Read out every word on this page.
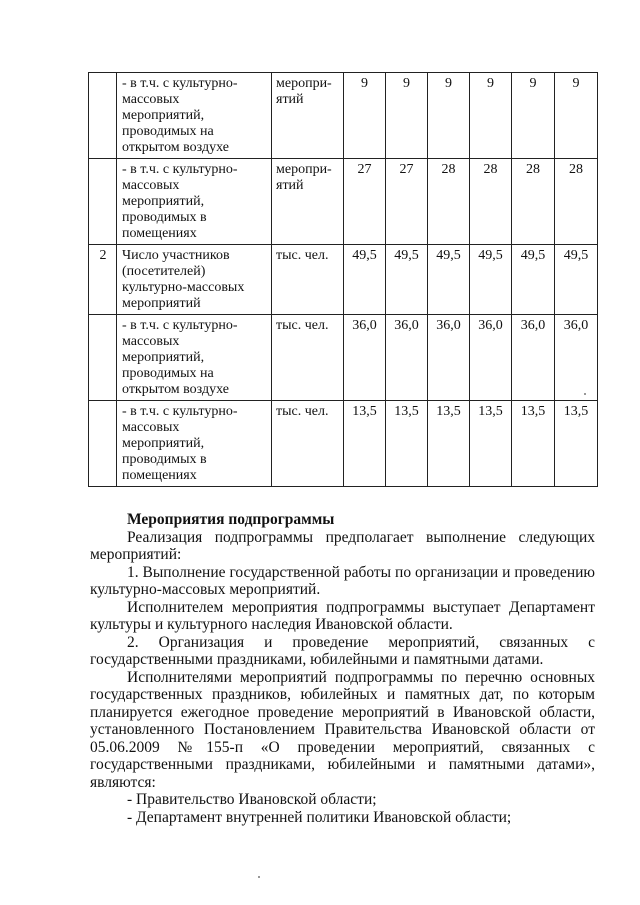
	- в т.ч. с культурно-
массовых
мероприятий,
проводимых на
открытом воздухе	меропри-
ятий	9	9	9	9	9	9

	- в т.ч. с культурно-
массовых
мероприятий,
проводимых в
помещениях	меропри-
ятий	27	27	28	28	28	28
2	Число участников
(посетителей)
культурно-массовых
мероприятий	тыс. чел.	49,5	49,5	49,5	49,5	49,5	49,5

	- в т.ч. с культурно-
массовых
мероприятий,
проводимых на
открытом воздухе	тыс. чел.	36,0	36,0	36,0	36,0	36,0	36,0

	- в т.ч. с культурно-
массовых
мероприятий,
проводимых в
помещениях	тыс. чел.	13,5	13,5	13,5	13,5	13,5	13,5
Мероприятия подпрограммы

Реализация подпрограммы предполагает выполнение следующих мероприятий:

1. Выполнение государственной работы по организации и проведению культурно-массовых мероприятий.

Исполнителем мероприятия подпрограммы выступает Департамент культуры и культурного наследия Ивановской области.

2. Организация и проведение мероприятий, связанных с государственными праздниками, юбилейными и памятными датами.

Исполнителями мероприятий подпрограммы по перечню основных государственных праздников, юбилейных и памятных дат, по которым планируется ежегодное проведение мероприятий в Ивановской области, установленного Постановлением Правительства Ивановской области от 05.06.2009 №155-п «О проведении мероприятий, связанных с государственными праздниками, юбилейными и памятными датами», являются:

- Правительство Ивановской области;

- Департамент внутренней политики Ивановской области;
